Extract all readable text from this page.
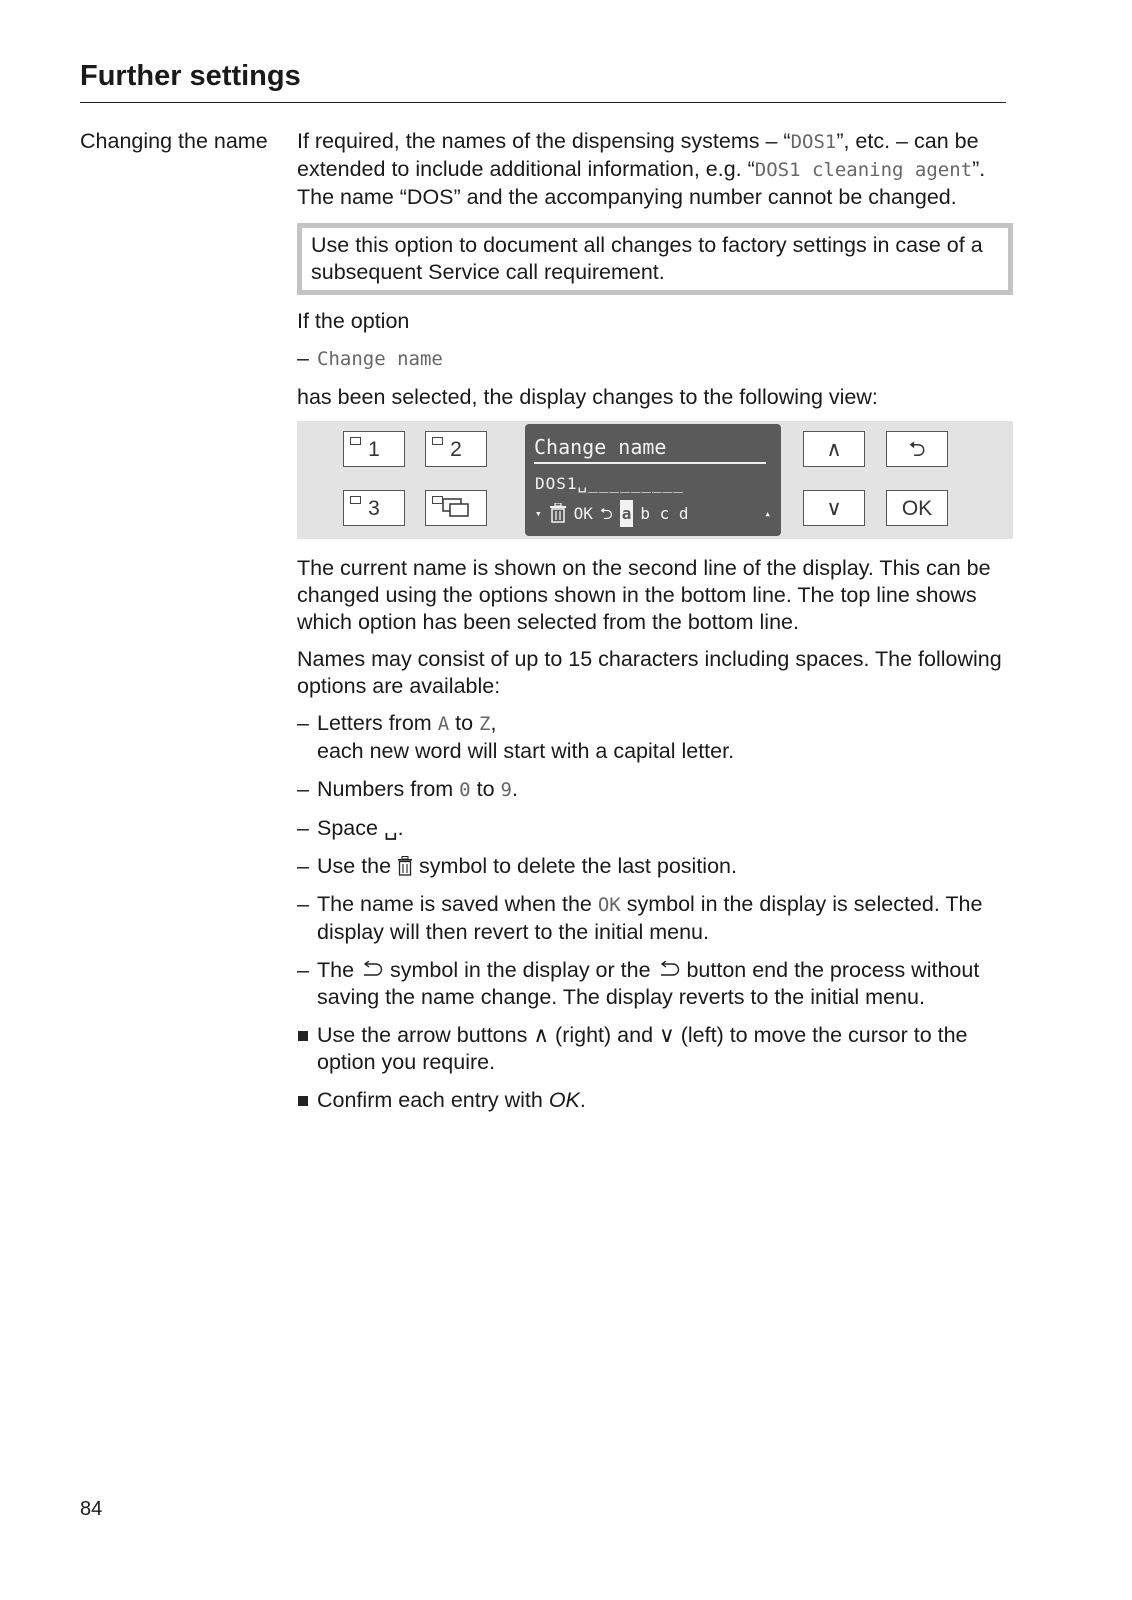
Further settings
Changing the name If required, the names of the dispensing systems – “DOS1”, etc. – can be extended to include additional information, e.g. “DOS1 cleaning agent”. The name “DOS” and the accompanying number cannot be changed.

Use this option to document all changes to factory settings in case of a subsequent Service call requirement.

If the option

– Change name

has been selected, the display changes to the following view:

1	2
3
Change name
DOS1␣_________
▾ OK ⮌ a b c d	▴
∧	⮌
∨	OK

The current name is shown on the second line of the display. This can be changed using the options shown in the bottom line. The top line shows which option has been selected from the bottom line.

Names may consist of up to 15 characters including spaces. The following options are available:

– Letters from A to Z,
each new word will start with a capital letter.
– Numbers from 0 to 9.
– Space ␣.
– Use the  symbol to delete the last position.
– The name is saved when the OK symbol in the display is selected. The display will then revert to the initial menu.
– The  symbol in the display or the  button end the process without saving the name change. The display reverts to the initial menu.
Use the arrow buttons ∧ (right) and ∨ (left) to move the cursor to the option you require.
Confirm each entry with OK.
84
